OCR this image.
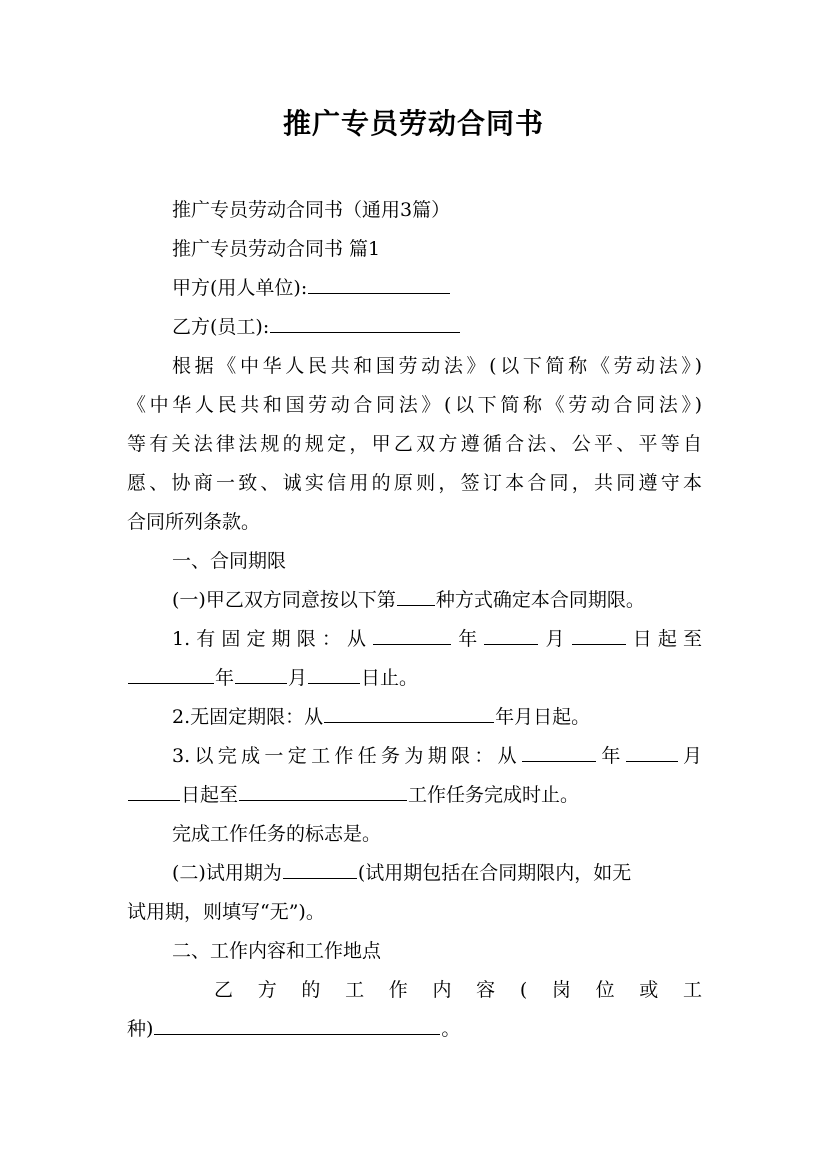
推广专员劳动合同书
推广专员劳动合同书（通用3篇）
推广专员劳动合同书 篇1
甲方(用人单位):
乙方(员工):
根据《中华人民共和国劳动法》(以下简称《劳动法》)
《中华人民共和国劳动合同法》(以下简称《劳动合同法》)
等有关法律法规的规定，甲乙双方遵循合法、公平、平等自
愿、协商一致、诚实信用的原则，签订本合同，共同遵守本
合同所列条款。
一、合同期限
(一)甲乙双方同意按以下第 种方式确定本合同期限。
1.有固定期限：从	年	月	日起至
年	月	日止。
2.无固定期限：从	年月日起。
3.以完成一定工作任务为期限：从	年	月
日起至	工作任务完成时止。
完成工作任务的标志是。
(二)试用期为	(试用期包括在合同期限内，如无
试用期，则填写“无”)。
二、工作内容和工作地点
乙方的工作内容(岗位或工
种)	。
